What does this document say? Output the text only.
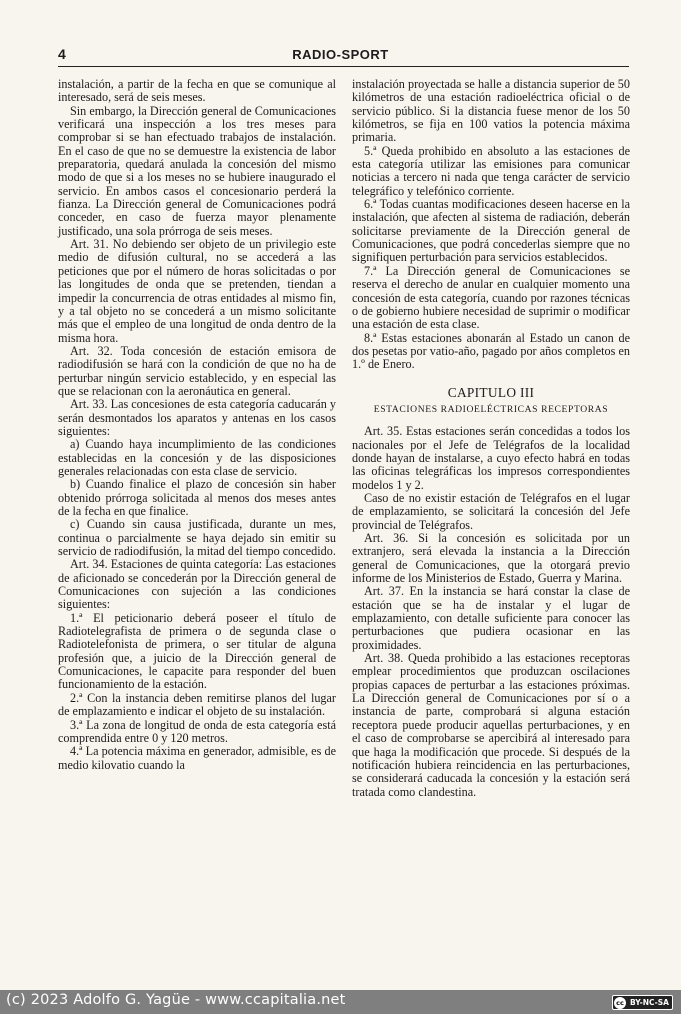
4	RADIO-SPORT

instalación, a partir de la fecha en que se comunique al interesado, será de seis meses.

Sin embargo, la Dirección general de Comunicaciones verificará una inspección a los tres meses para comprobar si se han efectuado trabajos de instalación. En el caso de que no se demuestre la existencia de labor preparatoria, quedará anulada la concesión del mismo modo de que si a los meses no se hubiere inaugurado el servicio. En ambos casos el concesionario perderá la fianza. La Dirección general de Comunicaciones podrá conceder, en caso de fuerza mayor plenamente justificado, una sola prórroga de seis meses.

Art. 31. No debiendo ser objeto de un privilegio este medio de difusión cultural, no se accederá a las peticiones que por el número de horas solicitadas o por las longitudes de onda que se pretenden, tiendan a impedir la concurrencia de otras entidades al mismo fin, y a tal objeto no se concederá a un mismo solicitante más que el empleo de una longitud de onda dentro de la misma hora.

Art. 32. Toda concesión de estación emisora de radiodifusión se hará con la condición de que no ha de perturbar ningún servicio establecido, y en especial las que se relacionan con la aeronáutica en general.

Art. 33. Las concesiones de esta categoría caducarán y serán desmontados los aparatos y antenas en los casos siguientes:

a) Cuando haya incumplimiento de las condiciones establecidas en la concesión y de las disposiciones generales relacionadas con esta clase de servicio.

b) Cuando finalice el plazo de concesión sin haber obtenido prórroga solicitada al menos dos meses antes de la fecha en que finalice.

c) Cuando sin causa justificada, durante un mes, continua o parcialmente se haya dejado sin emitir su servicio de radiodifusión, la mitad del tiempo concedido.

Art. 34. Estaciones de quinta categoría: Las estaciones de aficionado se concederán por la Dirección general de Comunicaciones con sujeción a las condiciones siguientes:

1.ª El peticionario deberá poseer el título de Radiotelegrafista de primera o de segunda clase o Radiotelefonista de primera, o ser titular de alguna profesión que, a juicio de la Dirección general de Comunicaciones, le capacite para responder del buen funcionamiento de la estación.

2.ª Con la instancia deben remitirse planos del lugar de emplazamiento e indicar el objeto de su instalación.

3.ª La zona de longitud de onda de esta categoría está comprendida entre 0 y 120 metros.

4.ª La potencia máxima en generador, admisible, es de medio kilovatio cuando la

instalación proyectada se halle a distancia superior de 50 kilómetros de una estación radioeléctrica oficial o de servicio público. Si la distancia fuese menor de los 50 kilómetros, se fija en 100 vatios la potencia máxima primaria.

5.ª Queda prohibido en absoluto a las estaciones de esta categoría utilizar las emisiones para comunicar noticias a tercero ni nada que tenga carácter de servicio telegráfico y telefónico corriente.

6.ª Todas cuantas modificaciones deseen hacerse en la instalación, que afecten al sistema de radiación, deberán solicitarse previamente de la Dirección general de Comunicaciones, que podrá concederlas siempre que no signifiquen perturbación para servicios establecidos.

7.ª La Dirección general de Comunicaciones se reserva el derecho de anular en cualquier momento una concesión de esta categoría, cuando por razones técnicas o de gobierno hubiere necesidad de suprimir o modificar una estación de esta clase.

8.ª Estas estaciones abonarán al Estado un canon de dos pesetas por vatio-año, pagado por años completos en 1.º de Enero.

CAPITULO III

ESTACIONES RADIOELÉCTRICAS RECEPTORAS

Art. 35. Estas estaciones serán concedidas a todos los nacionales por el Jefe de Telégrafos de la localidad donde hayan de instalarse, a cuyo efecto habrá en todas las oficinas telegráficas los impresos correspondientes modelos 1 y 2.

Caso de no existir estación de Telégrafos en el lugar de emplazamiento, se solicitará la concesión del Jefe provincial de Telégrafos.

Art. 36. Si la concesión es solicitada por un extranjero, será elevada la instancia a la Dirección general de Comunicaciones, que la otorgará previo informe de los Ministerios de Estado, Guerra y Marina.

Art. 37. En la instancia se hará constar la clase de estación que se ha de instalar y el lugar de emplazamiento, con detalle suficiente para conocer las perturbaciones que pudiera ocasionar en las proximidades.

Art. 38. Queda prohibido a las estaciones receptoras emplear procedimientos que produzcan oscilaciones propias capaces de perturbar a las estaciones próximas. La Dirección general de Comunicaciones por sí o a instancia de parte, comprobará si alguna estación receptora puede producir aquellas perturbaciones, y en el caso de comprobarse se apercibirá al interesado para que haga la modificación que procede. Si después de la notificación hubiera reincidencia en las perturbaciones, se considerará caducada la concesión y la estación será tratada como clandestina.

(c) 2023 Adolfo G. Yagüe - www.ccapitalia.net	cc BY-NC-SA
